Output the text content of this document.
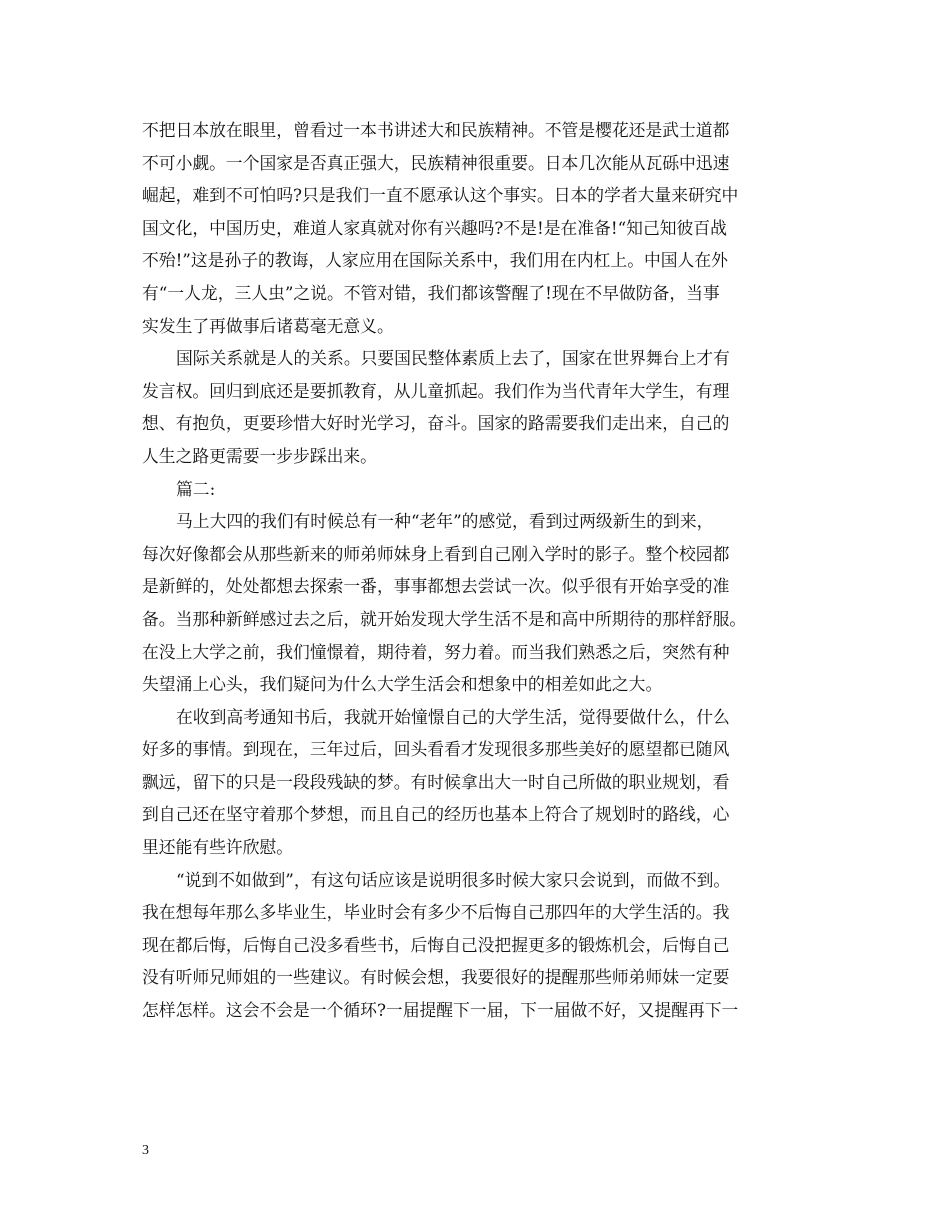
不把日本放在眼里，曾看过一本书讲述大和民族精神。不管是樱花还是武士道都
不可小觑。一个国家是否真正强大，民族精神很重要。日本几次能从瓦砾中迅速
崛起，难到不可怕吗?只是我们一直不愿承认这个事实。日本的学者大量来研究中
国文化，中国历史，难道人家真就对你有兴趣吗?不是!是在准备!“知己知彼百战
不殆!”这是孙子的教诲，人家应用在国际关系中，我们用在内杠上。中国人在外
有“一人龙，三人虫”之说。不管对错，我们都该警醒了!现在不早做防备，当事
实发生了再做事后诸葛毫无意义。
国际关系就是人的关系。只要国民整体素质上去了，国家在世界舞台上才有
发言权。回归到底还是要抓教育，从儿童抓起。我们作为当代青年大学生，有理
想、有抱负，更要珍惜大好时光学习，奋斗。国家的路需要我们走出来，自己的
人生之路更需要一步步踩出来。
篇二:
马上大四的我们有时候总有一种“老年”的感觉，看到过两级新生的到来，
每次好像都会从那些新来的师弟师妹身上看到自己刚入学时的影子。整个校园都
是新鲜的，处处都想去探索一番，事事都想去尝试一次。似乎很有开始享受的准
备。当那种新鲜感过去之后，就开始发现大学生活不是和高中所期待的那样舒服。
在没上大学之前，我们憧憬着，期待着，努力着。而当我们熟悉之后，突然有种
失望涌上心头，我们疑问为什么大学生活会和想象中的相差如此之大。
在收到高考通知书后，我就开始憧憬自己的大学生活，觉得要做什么，什么
好多的事情。到现在，三年过后，回头看看才发现很多那些美好的愿望都已随风
飘远，留下的只是一段段残缺的梦。有时候拿出大一时自己所做的职业规划，看
到自己还在坚守着那个梦想，而且自己的经历也基本上符合了规划时的路线，心
里还能有些许欣慰。
“说到不如做到”，有这句话应该是说明很多时候大家只会说到，而做不到。
我在想每年那么多毕业生，毕业时会有多少不后悔自己那四年的大学生活的。我
现在都后悔，后悔自己没多看些书，后悔自己没把握更多的锻炼机会，后悔自己
没有听师兄师姐的一些建议。有时候会想，我要很好的提醒那些师弟师妹一定要
怎样怎样。这会不会是一个循环?一届提醒下一届，下一届做不好，又提醒再下一
3
